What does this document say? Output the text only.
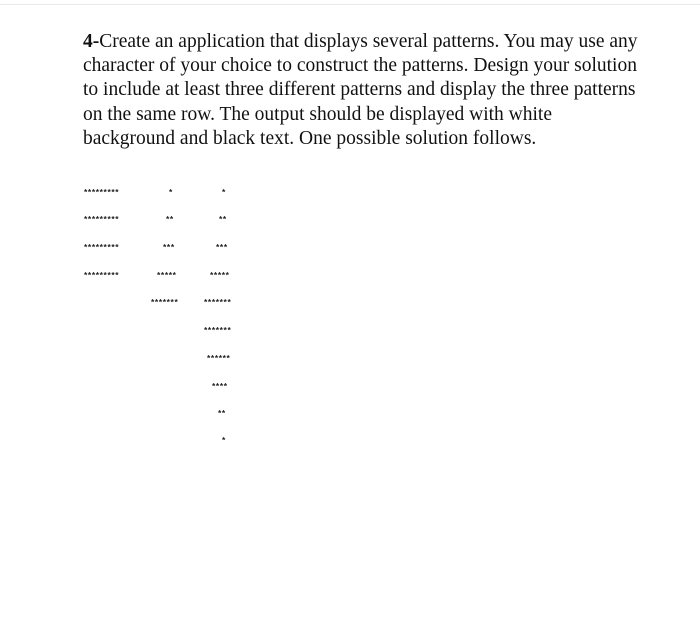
4-Create an application that displays several patterns. You may use any character of your choice to construct the patterns. Design your solution to include at least three different patterns and display the three patterns on the same row. The output should be displayed with white background and black text. One possible solution follows.

*********
*********
*********
*********
*
**
***
*****
*******
*
**
***
*****
*******
*******
******
****
**
*
